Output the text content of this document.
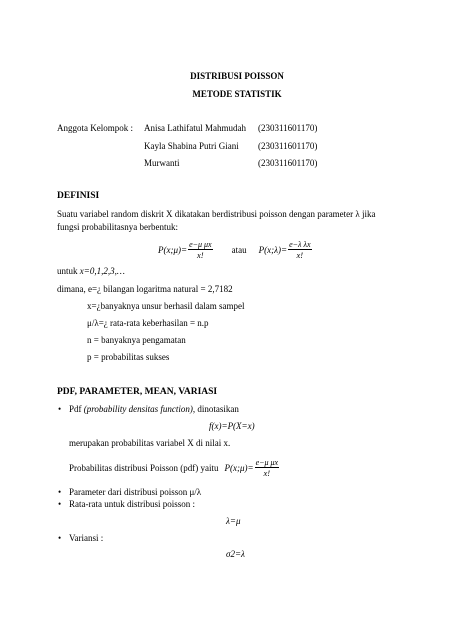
DISTRIBUSI POISSON
METODE STATISTIK
Anggota Kelompok : Anisa Lathifatul Mahmudah (230311601170)
Kayla Shabina Putri Giani (230311601170)
Murwanti	(230311601170)
DEFINISI
Suatu variabel random diskrit X dikatakan berdistribusi poisson dengan parameter λ jika
fungsi probabilitasnya berbentuk:
P(x;μ)= $\frac{\text{e−μ μx}}{x!}$ atau P(x;λ)= $\frac{\text{e−λ λx}}{x!}$
untuk x=0,1,2,3,…
dimana, e=¿ bilangan logaritma natural = 2,7182
x=¿banyaknya unsur berhasil dalam sampel
μ/λ=¿ rata-rata keberhasilan = n.p
n = banyaknya pengamatan
p = probabilitas sukses
PDF, PARAMETER, MEAN, VARIASI
• Pdf (probability densitas function), dinotasikan
f(x)=P(X=x)
merupakan probabilitas variabel X di nilai x.
Probabilitas distribusi Poisson (pdf) yaitu P(x;μ)= $\frac{\text{e−μ μx}}{x!}$
• Parameter dari distribusi poisson μ/λ
• Rata-rata untuk distribusi poisson :
λ=μ
• Variansi :
σ2=λ
